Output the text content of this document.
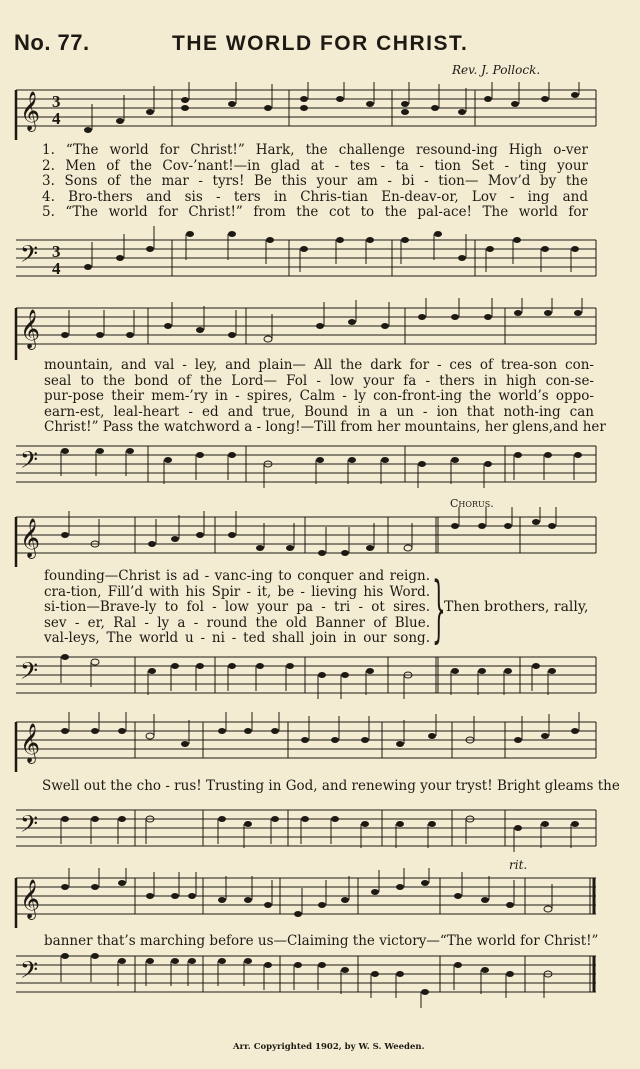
No. 77.	THE WORLD FOR CHRIST.
Rev. J. Pollock.
𝄞 3
4
1. “The world for Christ!” Hark, the challenge resound-ing High o-ver
2. Men of the Cov-’nant!—in glad at - tes - ta - tion Set - ting your
3. Sons of the mar - tyrs! Be this your am - bi - tion— Mov’d by the
4. Bro-thers and sis - ters in Chris-tian En-deav-or, Lov - ing and
5. “The world for Christ!” from the cot to the pal-ace! The world for
𝄢 3
4
𝄞
mountain, and val - ley, and plain— All the dark for - ces of trea-son con-
seal to the bond of the Lord— Fol - low your fa - thers in high con-se-
pur-pose their mem-’ry in - spires, Calm - ly con-front-ing the world’s oppo-
earn-est, leal-heart - ed and true, Bound in a un - ion that noth-ing can
Christ!” Pass the watchword a - long!—Till from her mountains, her glens,and her
𝄢
Chorus.
𝄞
founding—Christ is ad - vanc-ing to conquer and reign.
cra-tion, Fill’d with his Spir - it, be - lieving his Word.
si-tion—Brave-ly to fol - low your pa - tri - ot sires.
sev - er, Ral - ly a - round the old Banner of Blue.
val-leys, The world u - ni - ted shall join in our song. }
Then brothers, rally,
𝄢
𝄞
Swell out the cho - rus! Trusting in God, and renewing your tryst! Bright gleams the
𝄢
rit.
𝄞
banner that’s marching before us—Claiming the victory—“The world for Christ!”
𝄢
Arr. Copyrighted 1902, by W. S. Weeden.
